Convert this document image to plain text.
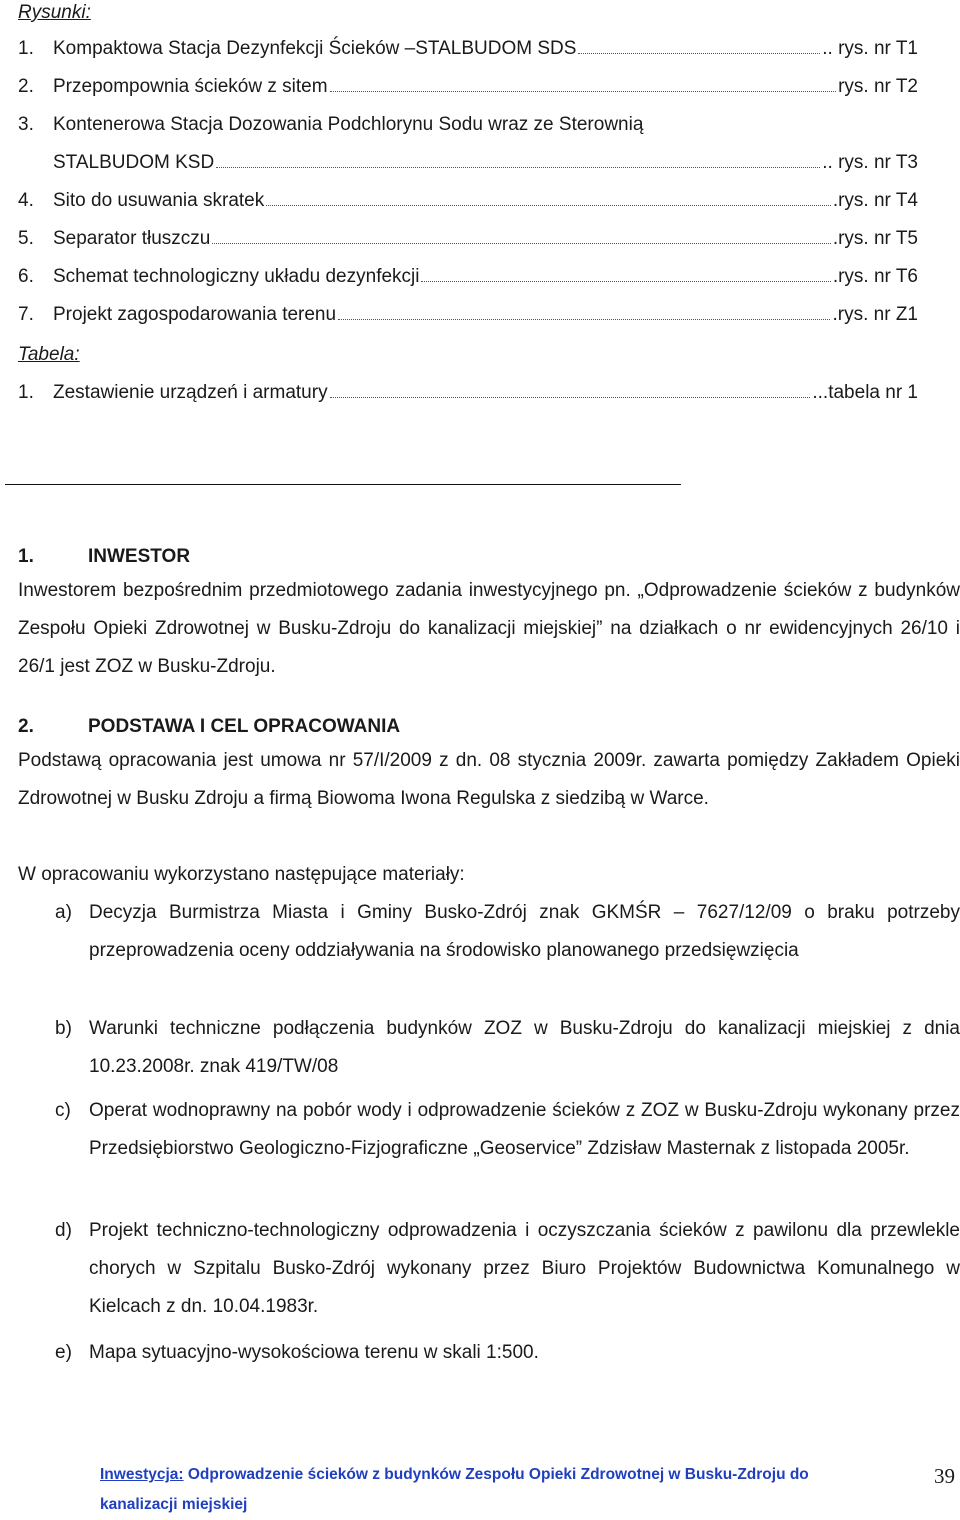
Rysunki:
1.	Kompaktowa Stacja Dezynfekcji Ścieków –STALBUDOM SDS	.. rys. nr T1
2.	Przepompownia ścieków z sitem	rys. nr T2
3.	Kontenerowa Stacja Dozowania Podchlorynu Sodu wraz ze Sterownią
STALBUDOM KSD	.. rys. nr T3
4.	Sito do usuwania skratek	.rys. nr T4
5.	Separator tłuszczu	.rys. nr T5
6.	Schemat technologiczny układu dezynfekcji	.rys. nr T6
7.	Projekt zagospodarowania terenu	.rys. nr Z1
Tabela:
1.	Zestawienie urządzeń i armatury	...tabela nr 1
1.	INWESTOR
Inwestorem bezpośrednim przedmiotowego zadania inwestycyjnego pn. „Odprowadzenie ścieków z budynków Zespołu Opieki Zdrowotnej w Busku-Zdroju do kanalizacji miejskiej” na działkach o nr ewidencyjnych 26/10 i 26/1 jest ZOZ w Busku-Zdroju.
2.	PODSTAWA I CEL OPRACOWANIA
Podstawą opracowania jest umowa nr 57/I/2009 z dn. 08 stycznia 2009r. zawarta pomiędzy Zakładem Opieki Zdrowotnej w Busku Zdroju a firmą Biowoma Iwona Regulska z siedzibą w Warce.
W opracowaniu wykorzystano następujące materiały:
a) Decyzja Burmistrza Miasta i Gminy Busko-Zdrój znak GKMŚR – 7627/12/09 o braku potrzeby przeprowadzenia oceny oddziaływania na środowisko planowanego przedsięwzięcia
b) Warunki techniczne podłączenia budynków ZOZ w Busku-Zdroju do kanalizacji miejskiej z dnia 10.23.2008r. znak 419/TW/08
c) Operat wodnoprawny na pobór wody i odprowadzenie ścieków z ZOZ w Busku-Zdroju wykonany przez Przedsiębiorstwo Geologiczno-Fizjograficzne „Geoservice” Zdzisław Masternak z listopada 2005r.
d) Projekt techniczno-technologiczny odprowadzenia i oczyszczania ścieków z pawilonu dla przewlekle chorych w Szpitalu Busko-Zdrój wykonany przez Biuro Projektów Budownictwa Komunalnego w Kielcach z dn. 10.04.1983r.
e) Mapa sytuacyjno-wysokościowa terenu w skali 1:500.
Inwestycja: Odprowadzenie ścieków z budynków Zespołu Opieki Zdrowotnej w Busku-Zdroju do kanalizacji miejskiej
39
